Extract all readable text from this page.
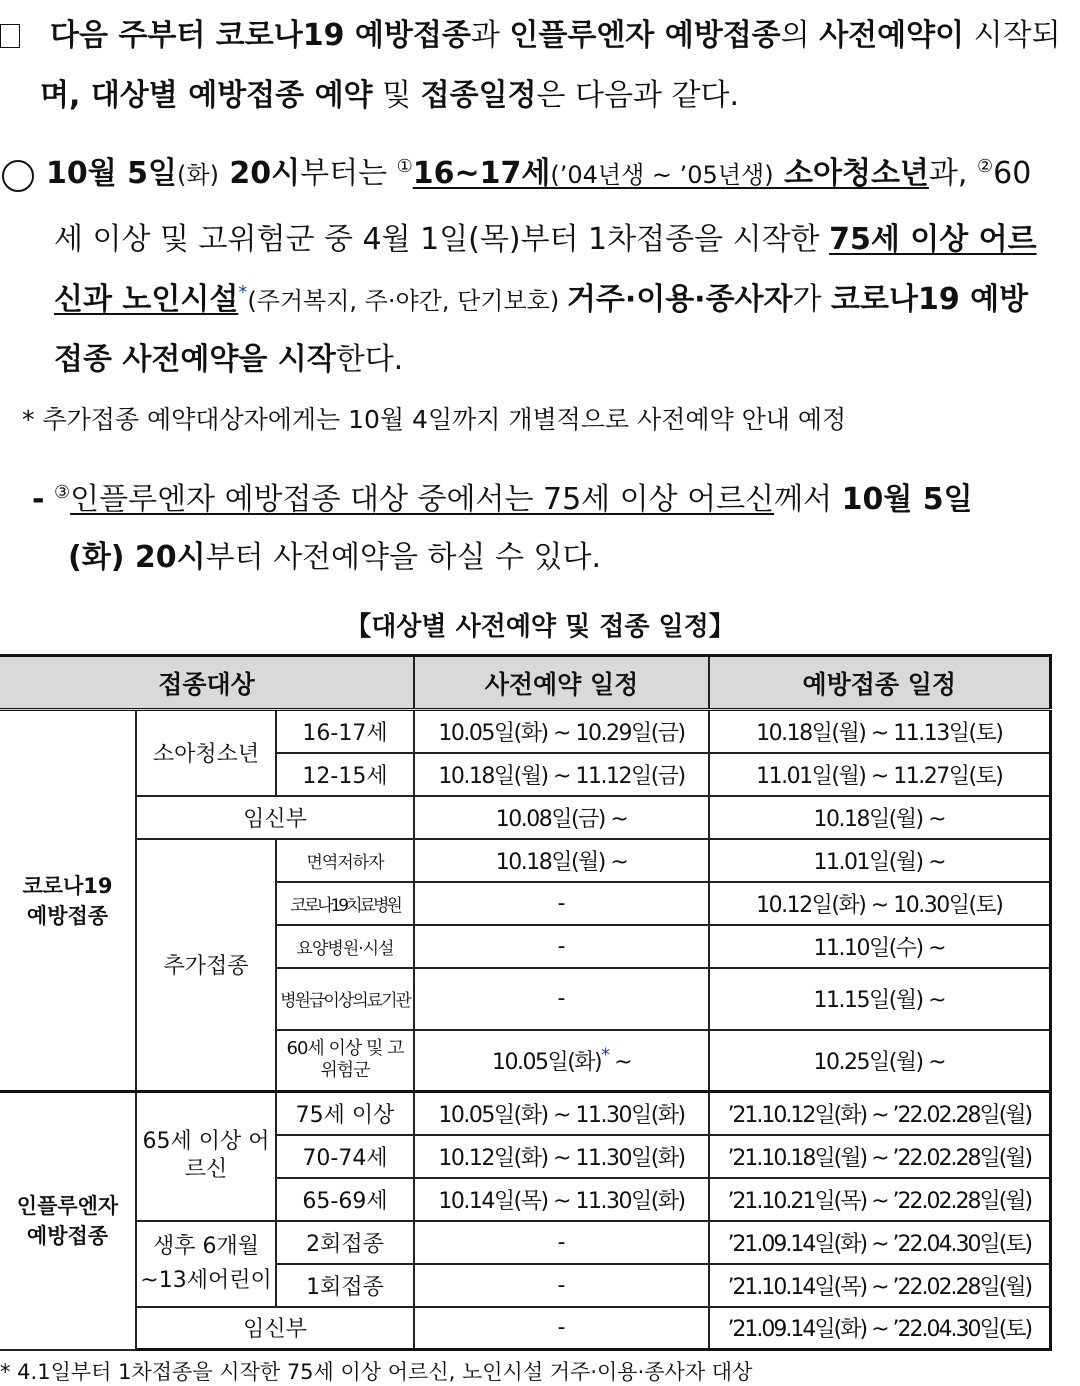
다음 주부터 코로나19 예방접종과 인플루엔자 예방접종의 사전예약이 시작되
며, 대상별 예방접종 예약 및 접종일정은 다음과 같다.
10월 5일(화) 20시부터는 ①16~17세(’04년생 ~ ’05년생) 소아청소년과, ②60
세 이상 및 고위험군 중 4월 1일(목)부터 1차접종을 시작한 75세 이상 어르
신과 노인시설*(주거복지, 주·야간, 단기보호) 거주·이용·종사자가 코로나19 예방
접종 사전예약을 시작한다.
* 추가접종 예약대상자에게는 10월 4일까지 개별적으로 사전예약 안내 예정
- ③인플루엔자 예방접종 대상 중에서는 75세 이상 어르신께서 10월 5일
(화) 20시부터 사전예약을 하실 수 있다.
【대상별 사전예약 및 접종 일정】
접종대상			사전예약 일정	예방접종 일정
코로나19
예방접종	소아청소년	16-17세	10.05일(화) ~ 10.29일(금)	10.18일(월) ~ 11.13일(토)
		12-15세	10.18일(월) ~ 11.12일(금)	11.01일(월) ~ 11.27일(토)
	임신부		10.08일(금) ~	10.18일(월) ~
	추가접종	면역저하자	10.18일(월) ~	11.01일(월) ~
		코로나19치료병원	-	10.12일(화) ~ 10.30일(토)
		요양병원·시설	-	11.10일(수) ~
		병원급이상의료기관	-	11.15일(월) ~
		60세 이상 및 고위험군	10.05일(화)* ~	10.25일(월) ~
인플루엔자
예방접종	65세 이상 어르신	75세 이상	10.05일(화) ~ 11.30일(화)	’21.10.12일(화) ~ ’22.02.28일(월)
		70-74세	10.12일(화) ~ 11.30일(화)	’21.10.18일(월) ~ ’22.02.28일(월)
		65-69세	10.14일(목) ~ 11.30일(화)	’21.10.21일(목) ~ ’22.02.28일(월)
	생후 6개월
~13세어린이	2회접종	-	’21.09.14일(화) ~ ’22.04.30일(토)
		1회접종	-	’21.10.14일(목) ~ ’22.02.28일(월)
	임신부		-	’21.09.14일(화) ~ ’22.04.30일(토)
* 4.1일부터 1차접종을 시작한 75세 이상 어르신, 노인시설 거주·이용·종사자 대상
